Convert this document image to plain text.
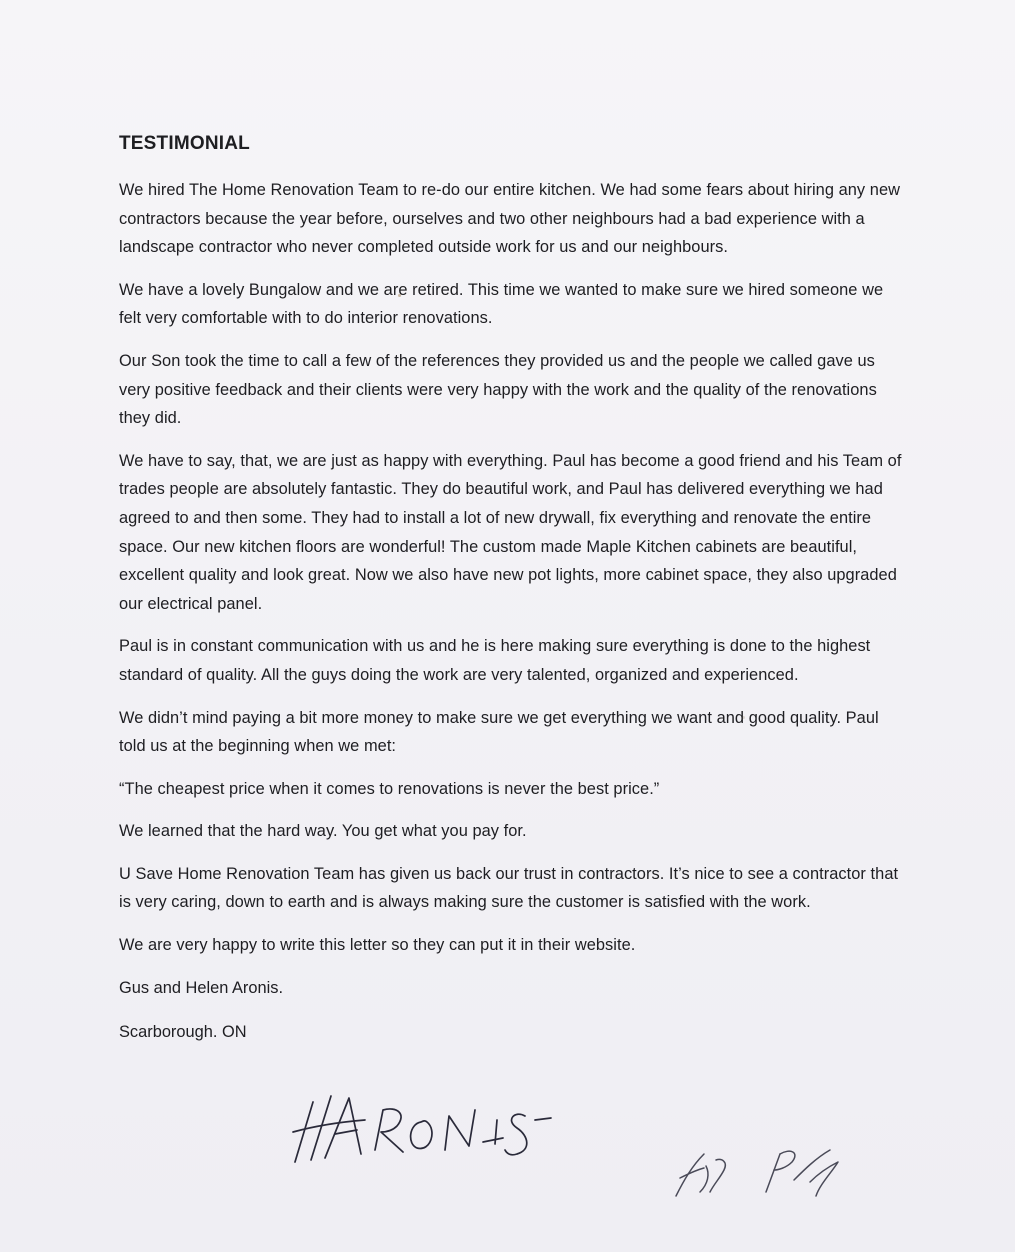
TESTIMONIAL

We hired The Home Renovation Team to re-do our entire kitchen. We had some fears about hiring any new contractors because the year before, ourselves and two other neighbours had a bad experience with a landscape contractor who never completed outside work for us and our neighbours.

We have a lovely Bungalow and we are retired. This time we wanted to make sure we hired someone we felt very comfortable with to do interior renovations.

Our Son took the time to call a few of the references they provided us and the people we called gave us very positive feedback and their clients were very happy with the work and the quality of the renovations they did.

We have to say, that, we are just as happy with everything. Paul has become a good friend and his Team of trades people are absolutely fantastic. They do beautiful work, and Paul has delivered everything we had agreed to and then some. They had to install a lot of new drywall, fix everything and renovate the entire space. Our new kitchen floors are wonderful! The custom made Maple Kitchen cabinets are beautiful, excellent quality and look great. Now we also have new pot lights, more cabinet space, they also upgraded our electrical panel.

Paul is in constant communication with us and he is here making sure everything is done to the highest standard of quality. All the guys doing the work are very talented, organized and experienced.

We didn’t mind paying a bit more money to make sure we get everything we want and good quality. Paul told us at the beginning when we met:

“The cheapest price when it comes to renovations is never the best price.”

We learned that the hard way. You get what you pay for.

U Save Home Renovation Team has given us back our trust in contractors. It’s nice to see a contractor that is very caring, down to earth and is always making sure the customer is satisfied with the work.

We are very happy to write this letter so they can put it in their website.

Gus and Helen Aronis.

Scarborough. ON
